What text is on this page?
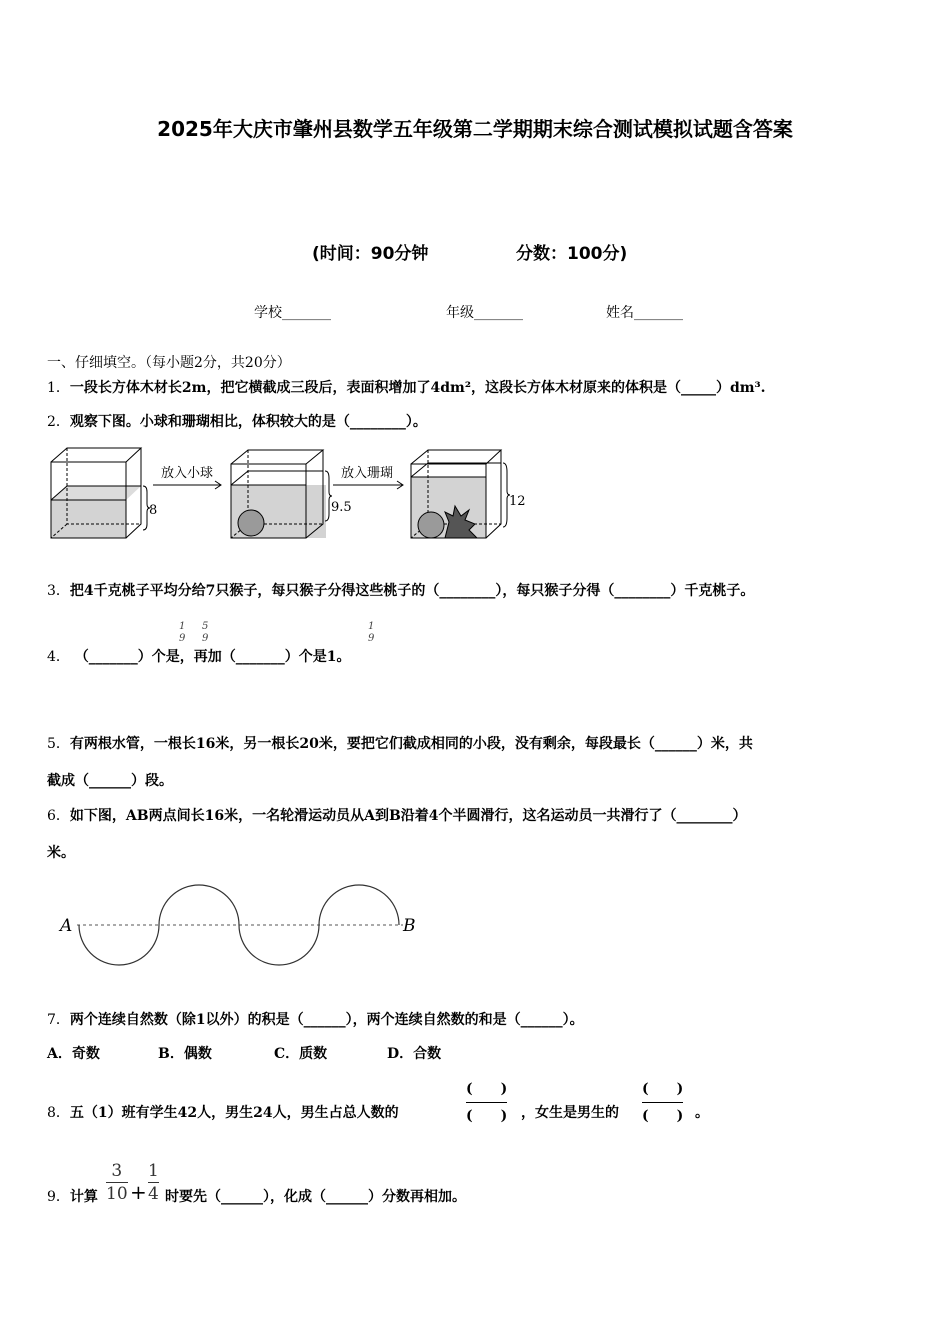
2025年大庆市肇州县数学五年级第二学期期末综合测试模拟试题含答案
(时间：90分钟	分数：100分)
学校_______	年级_______	姓名_______
一、仔细填空。（每小题2分，共20分）
1．一段长方体木材长2m，把它横截成三段后，表面积增加了4dm²，这段长方体木材原来的体积是（_____）dm³.
2．观察下图。小球和珊瑚相比，体积较大的是（________）。
放入小球	放入珊瑚
8	9.5	12
3．把4千克桃子平均分给7只猴子，每只猴子分得这些桃子的（________），每只猴子分得（________）千克桃子。
4． （_______）个是，再加（_______）个是1。
1
9
5
9
1
9
5．有两根水管，一根长16米，另一根长20米，要把它们截成相同的小段，没有剩余，每段最长（______）米，共
截成（______）段。
6．如下图，AB两点间长16米，一名轮滑运动员从A到B沿着4个半圆滑行，这名运动员一共滑行了（________）
米。
A	B
7．两个连续自然数（除1以外）的积是（______），两个连续自然数的和是（______）。
A．奇数	B．偶数	C．质数	D．合数
8．五（1）班有学生42人，男生24人，男生占总人数的
(　　)
(　　) ，女生是男生的
(　　)
(　　) 。
9．计算
3
10 +
1
4 时要先（______），化成（______）分数再相加。
